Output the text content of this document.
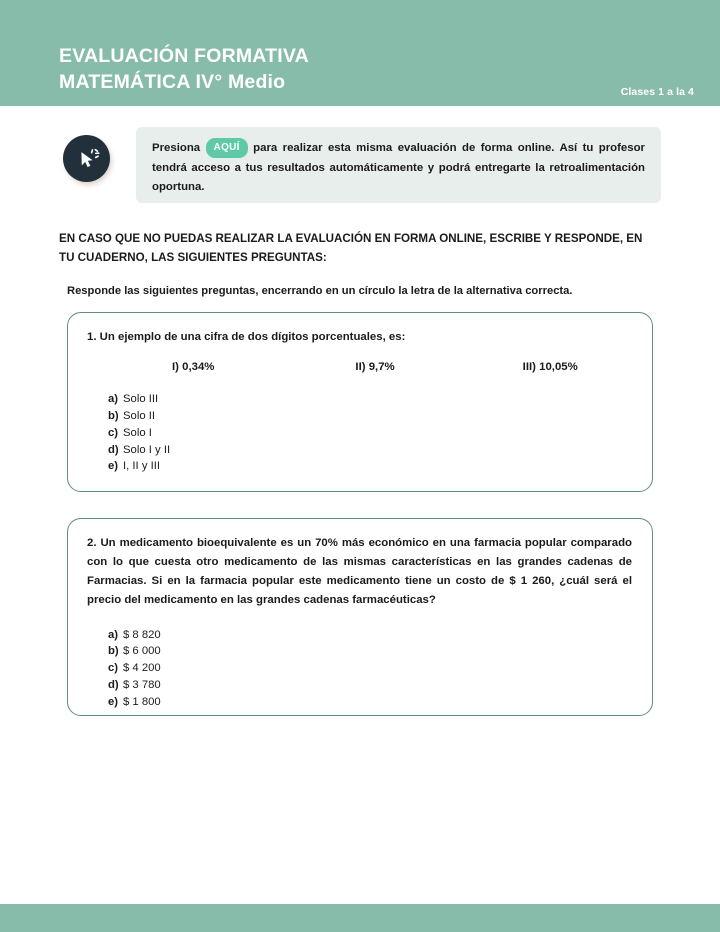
EVALUACIÓN FORMATIVA
MATEMÁTICA IV° Medio	Clases 1 a la 4

Presiona AQUÍ para realizar esta misma evaluación de forma online. Así tu profesor tendrá acceso a tus resultados automáticamente y podrá entregarte la retroalimentación oportuna.

EN CASO QUE NO PUEDAS REALIZAR LA EVALUACIÓN EN FORMA ONLINE, ESCRIBE Y RESPONDE, EN TU CUADERNO, LAS SIGUIENTES PREGUNTAS:

Responde las siguientes preguntas, encerrando en un círculo la letra de la alternativa correcta.

1. Un ejemplo de una cifra de dos dígitos porcentuales, es:

I) 0,34%	II) 9,7%	III) 10,05%
a) Solo III
b) Solo II
c) Solo I
d) Solo I y II
e) I, II y III

2. Un medicamento bioequivalente es un 70% más económico en una farmacia popular comparado con lo que cuesta otro medicamento de las mismas características en las grandes cadenas de Farmacias. Si en la farmacia popular este medicamento tiene un costo de $ 1 260, ¿cuál será el precio del medicamento en las grandes cadenas farmacéuticas?

a) $ 8 820
b) $ 6 000
c) $ 4 200
d) $ 3 780
e) $ 1 800
